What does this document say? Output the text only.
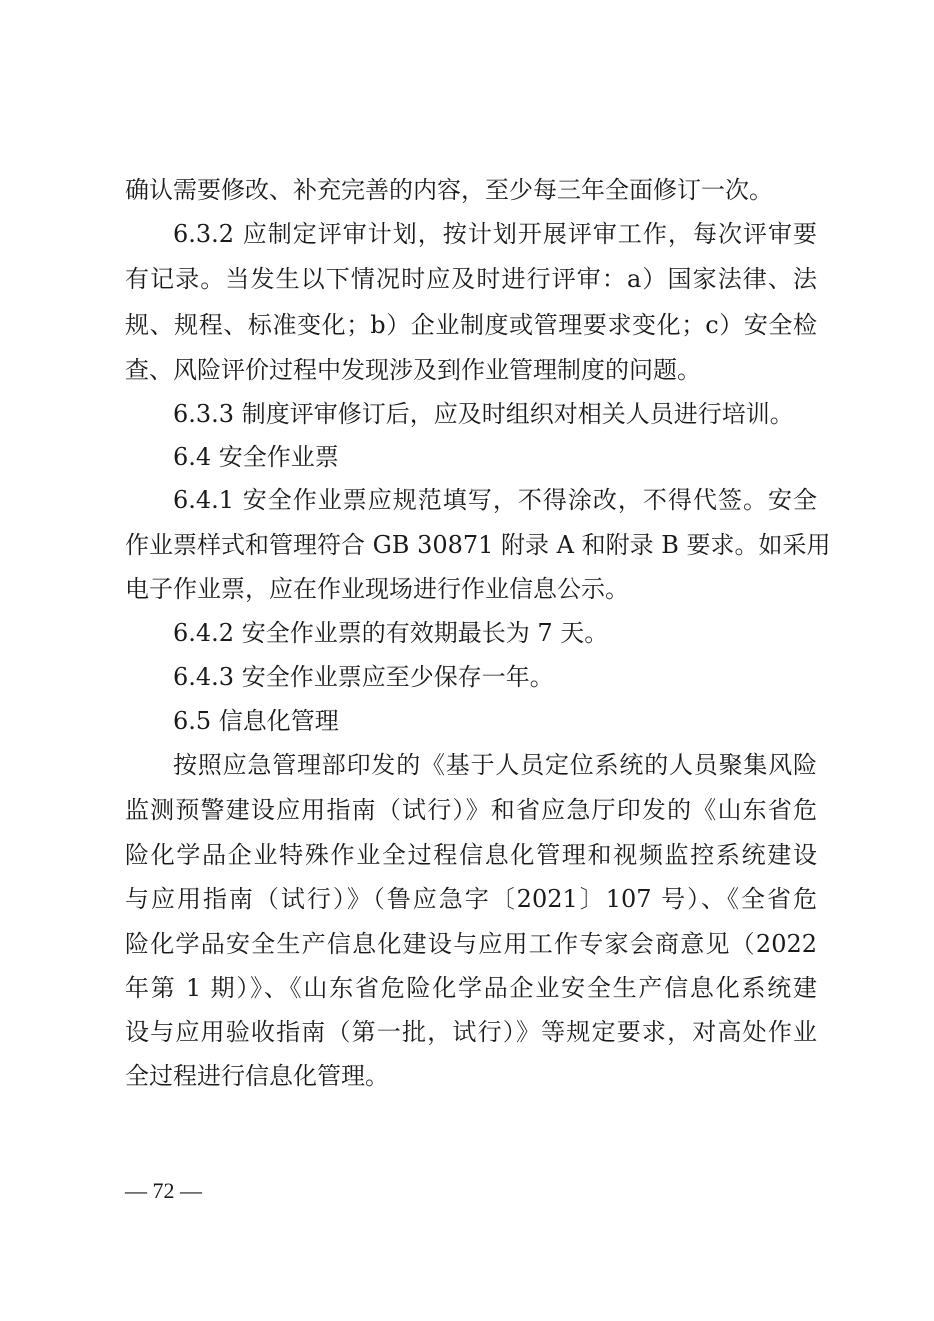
确认需要修改、补充完善的内容，至少每三年全面修订一次。
6.3.2 应制定评审计划，按计划开展评审工作，每次评审要
有记录。当发生以下情况时应及时进行评审：a）国家法律、法
规、规程、标准变化；b）企业制度或管理要求变化；c）安全检
查、风险评价过程中发现涉及到作业管理制度的问题。
6.3.3 制度评审修订后，应及时组织对相关人员进行培训。
6.4 安全作业票
6.4.1 安全作业票应规范填写，不得涂改，不得代签。安全
作业票样式和管理符合 GB 30871 附录 A 和附录 B 要求。如采用
电子作业票，应在作业现场进行作业信息公示。
6.4.2 安全作业票的有效期最长为 7 天。
6.4.3 安全作业票应至少保存一年。
6.5 信息化管理
按照应急管理部印发的《基于人员定位系统的人员聚集风险
监测预警建设应用指南（试行）》和省应急厅印发的《山东省危
险化学品企业特殊作业全过程信息化管理和视频监控系统建设
与应用指南（试行）》（鲁应急字〔2021〕107 号）、《全省危
险化学品安全生产信息化建设与应用工作专家会商意见（2022
年第 1 期）》、《山东省危险化学品企业安全生产信息化系统建
设与应用验收指南（第一批，试行）》等规定要求，对高处作业
全过程进行信息化管理。
— 72 —
